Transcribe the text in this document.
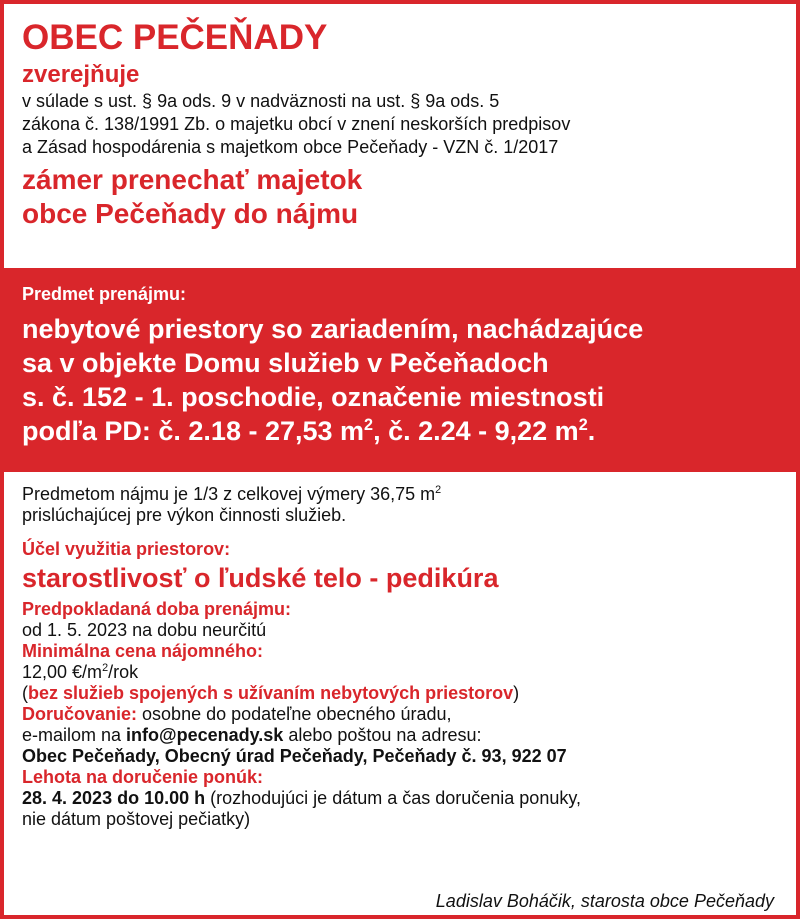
OBEC PEČEŇADY
zverejňuje
v súlade s ust. § 9a ods. 9 v nadväznosti na ust. § 9a ods. 5
zákona č. 138/1991 Zb. o majetku obcí v znení neskorších predpisov
a Zásad hospodárenia s majetkom obce Pečeňady - VZN č. 1/2017
zámer prenechať majetok
obce Pečeňady do nájmu
Predmet prenájmu:
nebytové priestory so zariadením, nachádzajúce
sa v objekte Domu služieb v Pečeňadoch
s. č. 152 - 1. poschodie, označenie miestnosti
podľa PD: č. 2.18 - 27,53 $m^2$, č. 2.24 - 9,22 $m^2$.
Predmetom nájmu je 1/3 z celkovej výmery 36,75 $m^2$
prislúchajúcej pre výkon činnosti služieb.
Účel využitia priestorov:
starostlivosť o ľudské telo - pedikúra
Predpokladaná doba prenájmu:
od 1. 5. 2023 na dobu neurčitú
Minimálna cena nájomného:
12,00 $€/m^2$/rok
(bez služieb spojených s užívaním nebytových priestorov)
Doručovanie: osobne do podateľne obecného úradu,
e-mailom na info@pecenady.sk alebo poštou na adresu:
Obec Pečeňady, Obecný úrad Pečeňady, Pečeňady č. 93, 922 07
Lehota na doručenie ponúk:
28. 4. 2023 do 10.00 h (rozhodujúci je dátum a čas doručenia ponuky,
nie dátum poštovej pečiatky)
Ladislav Boháčik, starosta obce Pečeňady
